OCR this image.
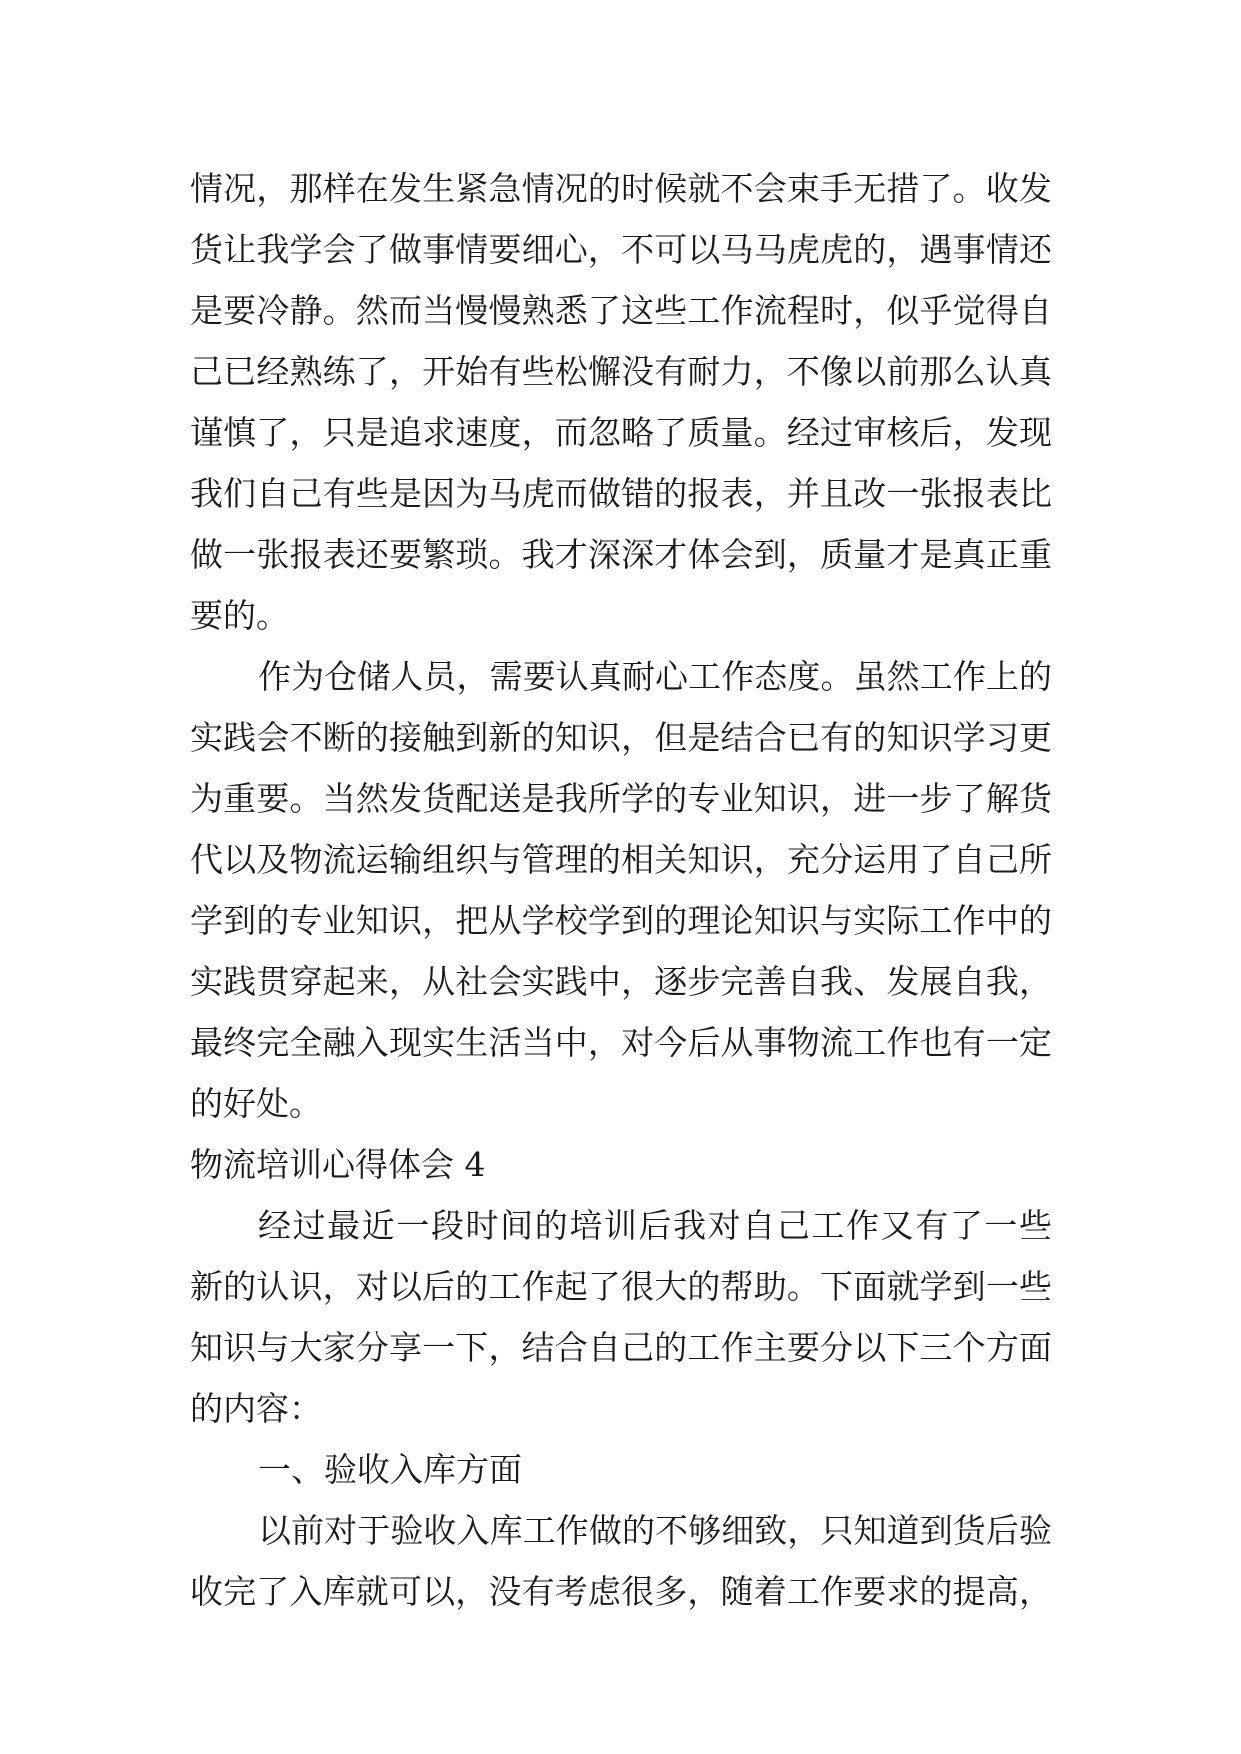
情况，那样在发生紧急情况的时候就不会束手无措了。收发
货让我学会了做事情要细心，不可以马马虎虎的，遇事情还
是要冷静。然而当慢慢熟悉了这些工作流程时，似乎觉得自
己已经熟练了，开始有些松懈没有耐力，不像以前那么认真
谨慎了，只是追求速度，而忽略了质量。经过审核后，发现
我们自己有些是因为马虎而做错的报表，并且改一张报表比
做一张报表还要繁琐。我才深深才体会到，质量才是真正重
要的。
作为仓储人员，需要认真耐心工作态度。虽然工作上的
实践会不断的接触到新的知识，但是结合已有的知识学习更
为重要。当然发货配送是我所学的专业知识，进一步了解货
代以及物流运输组织与管理的相关知识，充分运用了自己所
学到的专业知识，把从学校学到的理论知识与实际工作中的
实践贯穿起来，从社会实践中，逐步完善自我、发展自我，
最终完全融入现实生活当中，对今后从事物流工作也有一定
的好处。
物流培训心得体会 4
经过最近一段时间的培训后我对自己工作又有了一些
新的认识，对以后的工作起了很大的帮助。下面就学到一些
知识与大家分享一下，结合自己的工作主要分以下三个方面
的内容：
一、验收入库方面
以前对于验收入库工作做的不够细致，只知道到货后验
收完了入库就可以，没有考虑很多，随着工作要求的提高，
